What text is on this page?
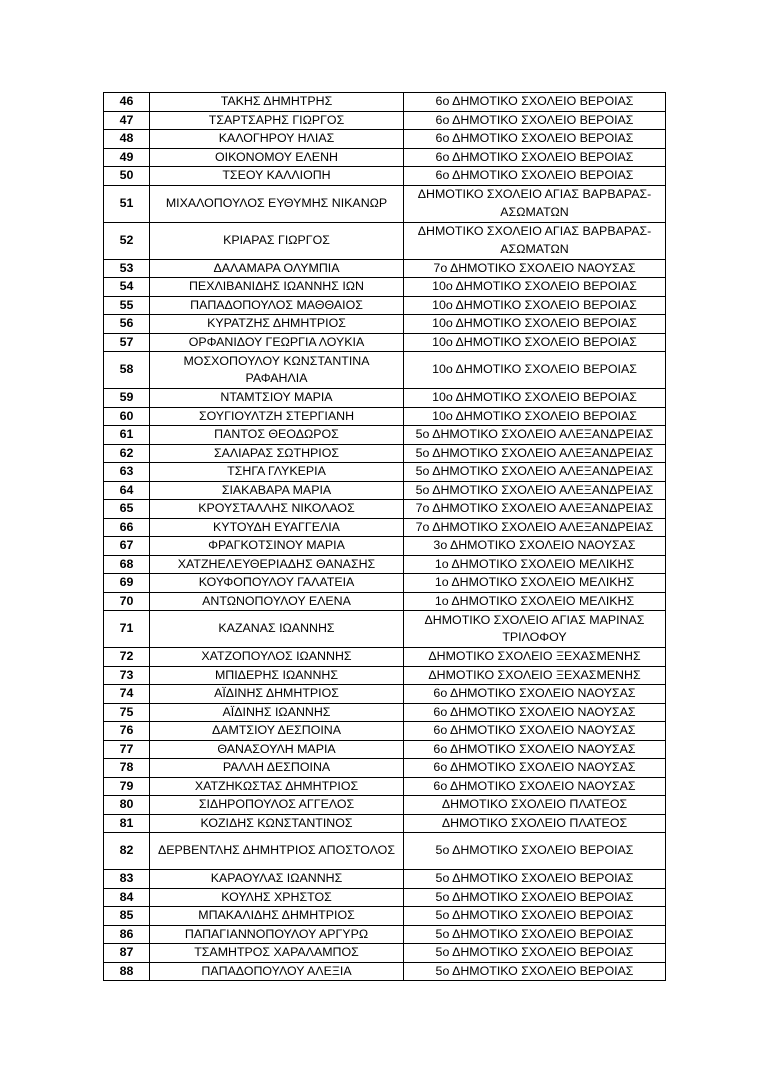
46	ΤΑΚΗΣ ΔΗΜΗΤΡΗΣ	6ο ΔΗΜΟΤΙΚΟ ΣΧΟΛΕΙΟ ΒΕΡΟΙΑΣ
47	ΤΣΑΡΤΣΑΡΗΣ ΓΙΩΡΓΟΣ	6ο ΔΗΜΟΤΙΚΟ ΣΧΟΛΕΙΟ ΒΕΡΟΙΑΣ
48	ΚΑΛΟΓΗΡΟΥ ΗΛΙΑΣ	6ο ΔΗΜΟΤΙΚΟ ΣΧΟΛΕΙΟ ΒΕΡΟΙΑΣ
49	ΟΙΚΟΝΟΜΟΥ ΕΛΕΝΗ	6ο ΔΗΜΟΤΙΚΟ ΣΧΟΛΕΙΟ ΒΕΡΟΙΑΣ
50	ΤΣΕΟΥ ΚΑΛΛΙΟΠΗ	6ο ΔΗΜΟΤΙΚΟ ΣΧΟΛΕΙΟ ΒΕΡΟΙΑΣ
51	ΜΙΧΑΛΟΠΟΥΛΟΣ ΕΥΘΥΜΗΣ ΝΙΚΑΝΩΡ	ΔΗΜΟΤΙΚΟ ΣΧΟΛΕΙΟ ΑΓΙΑΣ ΒΑΡΒΑΡΑΣ-ΑΣΩΜΑΤΩΝ
52	ΚΡΙΑΡΑΣ ΓΙΩΡΓΟΣ	ΔΗΜΟΤΙΚΟ ΣΧΟΛΕΙΟ ΑΓΙΑΣ ΒΑΡΒΑΡΑΣ-ΑΣΩΜΑΤΩΝ
53	ΔΑΛΑΜΑΡΑ ΟΛΥΜΠΙΑ	7ο ΔΗΜΟΤΙΚΟ ΣΧΟΛΕΙΟ ΝΑΟΥΣΑΣ
54	ΠΕΧΛΙΒΑΝΙΔΗΣ ΙΩΑΝΝΗΣ ΙΩΝ	10ο ΔΗΜΟΤΙΚΟ ΣΧΟΛΕΙΟ ΒΕΡΟΙΑΣ
55	ΠΑΠΑΔΟΠΟΥΛΟΣ ΜΑΘΘΑΙΟΣ	10ο ΔΗΜΟΤΙΚΟ ΣΧΟΛΕΙΟ ΒΕΡΟΙΑΣ
56	ΚΥΡΑΤΖΗΣ ΔΗΜΗΤΡΙΟΣ	10ο ΔΗΜΟΤΙΚΟ ΣΧΟΛΕΙΟ ΒΕΡΟΙΑΣ
57	ΟΡΦΑΝΙΔΟΥ ΓΕΩΡΓΙΑ ΛΟΥΚΙΑ	10ο ΔΗΜΟΤΙΚΟ ΣΧΟΛΕΙΟ ΒΕΡΟΙΑΣ
58	ΜΟΣΧΟΠΟΥΛΟΥ ΚΩΝΣΤΑΝΤΙΝΑ ΡΑΦΑΗΛΙΑ	10ο ΔΗΜΟΤΙΚΟ ΣΧΟΛΕΙΟ ΒΕΡΟΙΑΣ
59	ΝΤΑΜΤΣΙΟΥ ΜΑΡΙΑ	10ο ΔΗΜΟΤΙΚΟ ΣΧΟΛΕΙΟ ΒΕΡΟΙΑΣ
60	ΣΟΥΓΙΟΥΛΤΖΗ ΣΤΕΡΓΙΑΝΗ	10ο ΔΗΜΟΤΙΚΟ ΣΧΟΛΕΙΟ ΒΕΡΟΙΑΣ
61	ΠΑΝΤΟΣ ΘΕΟΔΩΡΟΣ	5ο ΔΗΜΟΤΙΚΟ ΣΧΟΛΕΙΟ ΑΛΕΞΑΝΔΡΕΙΑΣ
62	ΣΑΛΙΑΡΑΣ ΣΩΤΗΡΙΟΣ	5ο ΔΗΜΟΤΙΚΟ ΣΧΟΛΕΙΟ ΑΛΕΞΑΝΔΡΕΙΑΣ
63	ΤΣΗΓΑ ΓΛΥΚΕΡΙΑ	5ο ΔΗΜΟΤΙΚΟ ΣΧΟΛΕΙΟ ΑΛΕΞΑΝΔΡΕΙΑΣ
64	ΣΙΑΚΑΒΑΡΑ ΜΑΡΙΑ	5ο ΔΗΜΟΤΙΚΟ ΣΧΟΛΕΙΟ ΑΛΕΞΑΝΔΡΕΙΑΣ
65	ΚΡΟΥΣΤΑΛΛΗΣ ΝΙΚΟΛΑΟΣ	7ο ΔΗΜΟΤΙΚΟ ΣΧΟΛΕΙΟ ΑΛΕΞΑΝΔΡΕΙΑΣ
66	ΚΥΤΟΥΔΗ ΕΥΑΓΓΕΛΙΑ	7ο ΔΗΜΟΤΙΚΟ ΣΧΟΛΕΙΟ ΑΛΕΞΑΝΔΡΕΙΑΣ
67	ΦΡΑΓΚΟΤΣΙΝΟΥ ΜΑΡΙΑ	3ο ΔΗΜΟΤΙΚΟ ΣΧΟΛΕΙΟ ΝΑΟΥΣΑΣ
68	ΧΑΤΖΗΕΛΕΥΘΕΡΙΑΔΗΣ ΘΑΝΑΣΗΣ	1ο ΔΗΜΟΤΙΚΟ ΣΧΟΛΕΙΟ ΜΕΛΙΚΗΣ
69	ΚΟΥΦΟΠΟΥΛΟΥ ΓΑΛΑΤΕΙΑ	1ο ΔΗΜΟΤΙΚΟ ΣΧΟΛΕΙΟ ΜΕΛΙΚΗΣ
70	ΑΝΤΩΝΟΠΟΥΛΟΥ ΕΛΕΝΑ	1ο ΔΗΜΟΤΙΚΟ ΣΧΟΛΕΙΟ ΜΕΛΙΚΗΣ
71	ΚΑΖΑΝΑΣ ΙΩΑΝΝΗΣ	ΔΗΜΟΤΙΚΟ ΣΧΟΛΕΙΟ ΑΓΙΑΣ ΜΑΡΙΝΑΣ ΤΡΙΛΟΦΟΥ
72	ΧΑΤΖΟΠΟΥΛΟΣ ΙΩΑΝΝΗΣ	ΔΗΜΟΤΙΚΟ ΣΧΟΛΕΙΟ ΞΕΧΑΣΜΕΝΗΣ
73	ΜΠΙΔΕΡΗΣ ΙΩΑΝΝΗΣ	ΔΗΜΟΤΙΚΟ ΣΧΟΛΕΙΟ ΞΕΧΑΣΜΕΝΗΣ
74	ΑΪΔΙΝΗΣ ΔΗΜΗΤΡΙΟΣ	6ο ΔΗΜΟΤΙΚΟ ΣΧΟΛΕΙΟ ΝΑΟΥΣΑΣ
75	ΑΪΔΙΝΗΣ ΙΩΑΝΝΗΣ	6ο ΔΗΜΟΤΙΚΟ ΣΧΟΛΕΙΟ ΝΑΟΥΣΑΣ
76	ΔΑΜΤΣΙΟΥ ΔΕΣΠΟΙΝΑ	6ο ΔΗΜΟΤΙΚΟ ΣΧΟΛΕΙΟ ΝΑΟΥΣΑΣ
77	ΘΑΝΑΣΟΥΛΗ ΜΑΡΙΑ	6ο ΔΗΜΟΤΙΚΟ ΣΧΟΛΕΙΟ ΝΑΟΥΣΑΣ
78	ΡΑΛΛΗ ΔΕΣΠΟΙΝΑ	6ο ΔΗΜΟΤΙΚΟ ΣΧΟΛΕΙΟ ΝΑΟΥΣΑΣ
79	ΧΑΤΖΗΚΩΣΤΑΣ ΔΗΜΗΤΡΙΟΣ	6ο ΔΗΜΟΤΙΚΟ ΣΧΟΛΕΙΟ ΝΑΟΥΣΑΣ
80	ΣΙΔΗΡΟΠΟΥΛΟΣ ΑΓΓΕΛΟΣ	ΔΗΜΟΤΙΚΟ ΣΧΟΛΕΙΟ ΠΛΑΤΕΟΣ
81	ΚΟΖΙΔΗΣ ΚΩΝΣΤΑΝΤΙΝΟΣ	ΔΗΜΟΤΙΚΟ ΣΧΟΛΕΙΟ ΠΛΑΤΕΟΣ
82	ΔΕΡΒΕΝΤΛΗΣ ΔΗΜΗΤΡΙΟΣ ΑΠΟΣΤΟΛΟΣ	5ο ΔΗΜΟΤΙΚΟ ΣΧΟΛΕΙΟ ΒΕΡΟΙΑΣ
83	ΚΑΡΑΟΥΛΑΣ ΙΩΑΝΝΗΣ	5ο ΔΗΜΟΤΙΚΟ ΣΧΟΛΕΙΟ ΒΕΡΟΙΑΣ
84	ΚΟΥΛΗΣ ΧΡΗΣΤΟΣ	5ο ΔΗΜΟΤΙΚΟ ΣΧΟΛΕΙΟ ΒΕΡΟΙΑΣ
85	ΜΠΑΚΑΛΙΔΗΣ ΔΗΜΗΤΡΙΟΣ	5ο ΔΗΜΟΤΙΚΟ ΣΧΟΛΕΙΟ ΒΕΡΟΙΑΣ
86	ΠΑΠΑΓΙΑΝΝΟΠΟΥΛΟΥ ΑΡΓΥΡΩ	5ο ΔΗΜΟΤΙΚΟ ΣΧΟΛΕΙΟ ΒΕΡΟΙΑΣ
87	ΤΣΑΜΗΤΡΟΣ ΧΑΡΑΛΑΜΠΟΣ	5ο ΔΗΜΟΤΙΚΟ ΣΧΟΛΕΙΟ ΒΕΡΟΙΑΣ
88	ΠΑΠΑΔΟΠΟΥΛΟΥ ΑΛΕΞΙΑ	5ο ΔΗΜΟΤΙΚΟ ΣΧΟΛΕΙΟ ΒΕΡΟΙΑΣ
